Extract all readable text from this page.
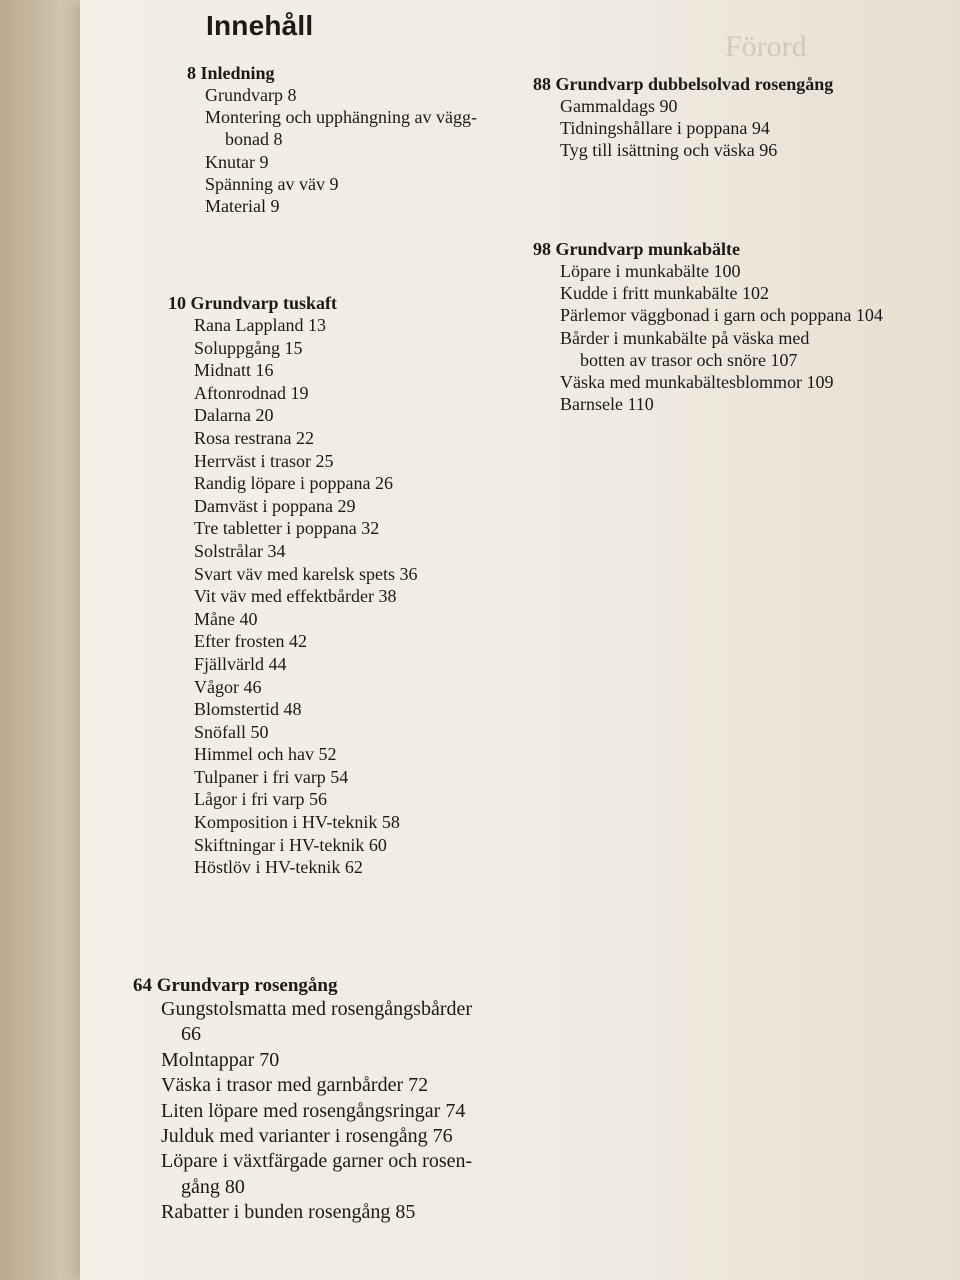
Förord
Innehåll
8 Inledning
Grundvarp 8
Montering och upphängning av vägg-
bonad 8
Knutar 9
Spänning av väv 9
Material 9
10 Grundvarp tuskaft
Rana Lappland 13
Soluppgång 15
Midnatt 16
Aftonrodnad 19
Dalarna 20
Rosa restrana 22
Herrväst i trasor 25
Randig löpare i poppana 26
Damväst i poppana 29
Tre tabletter i poppana 32
Solstrålar 34
Svart väv med karelsk spets 36
Vit väv med effektbårder 38
Måne 40
Efter frosten 42
Fjällvärld 44
Vågor 46
Blomstertid 48
Snöfall 50
Himmel och hav 52
Tulpaner i fri varp 54
Lågor i fri varp 56
Komposition i HV-teknik 58
Skiftningar i HV-teknik 60
Höstlöv i HV-teknik 62
64 Grundvarp rosengång
Gungstolsmatta med rosengångsbårder
66
Molntappar 70
Väska i trasor med garnbårder 72
Liten löpare med rosengångsringar 74
Julduk med varianter i rosengång 76
Löpare i växtfärgade garner och rosen-
gång 80
Rabatter i bunden rosengång 85
88 Grundvarp dubbelsolvad rosengång
Gammaldags 90
Tidningshållare i poppana 94
Tyg till isättning och väska 96
98 Grundvarp munkabälte
Löpare i munkabälte 100
Kudde i fritt munkabälte 102
Pärlemor väggbonad i garn och poppana 104
Bårder i munkabälte på väska med
botten av trasor och snöre 107
Väska med munkabältesblommor 109
Barnsele 110
